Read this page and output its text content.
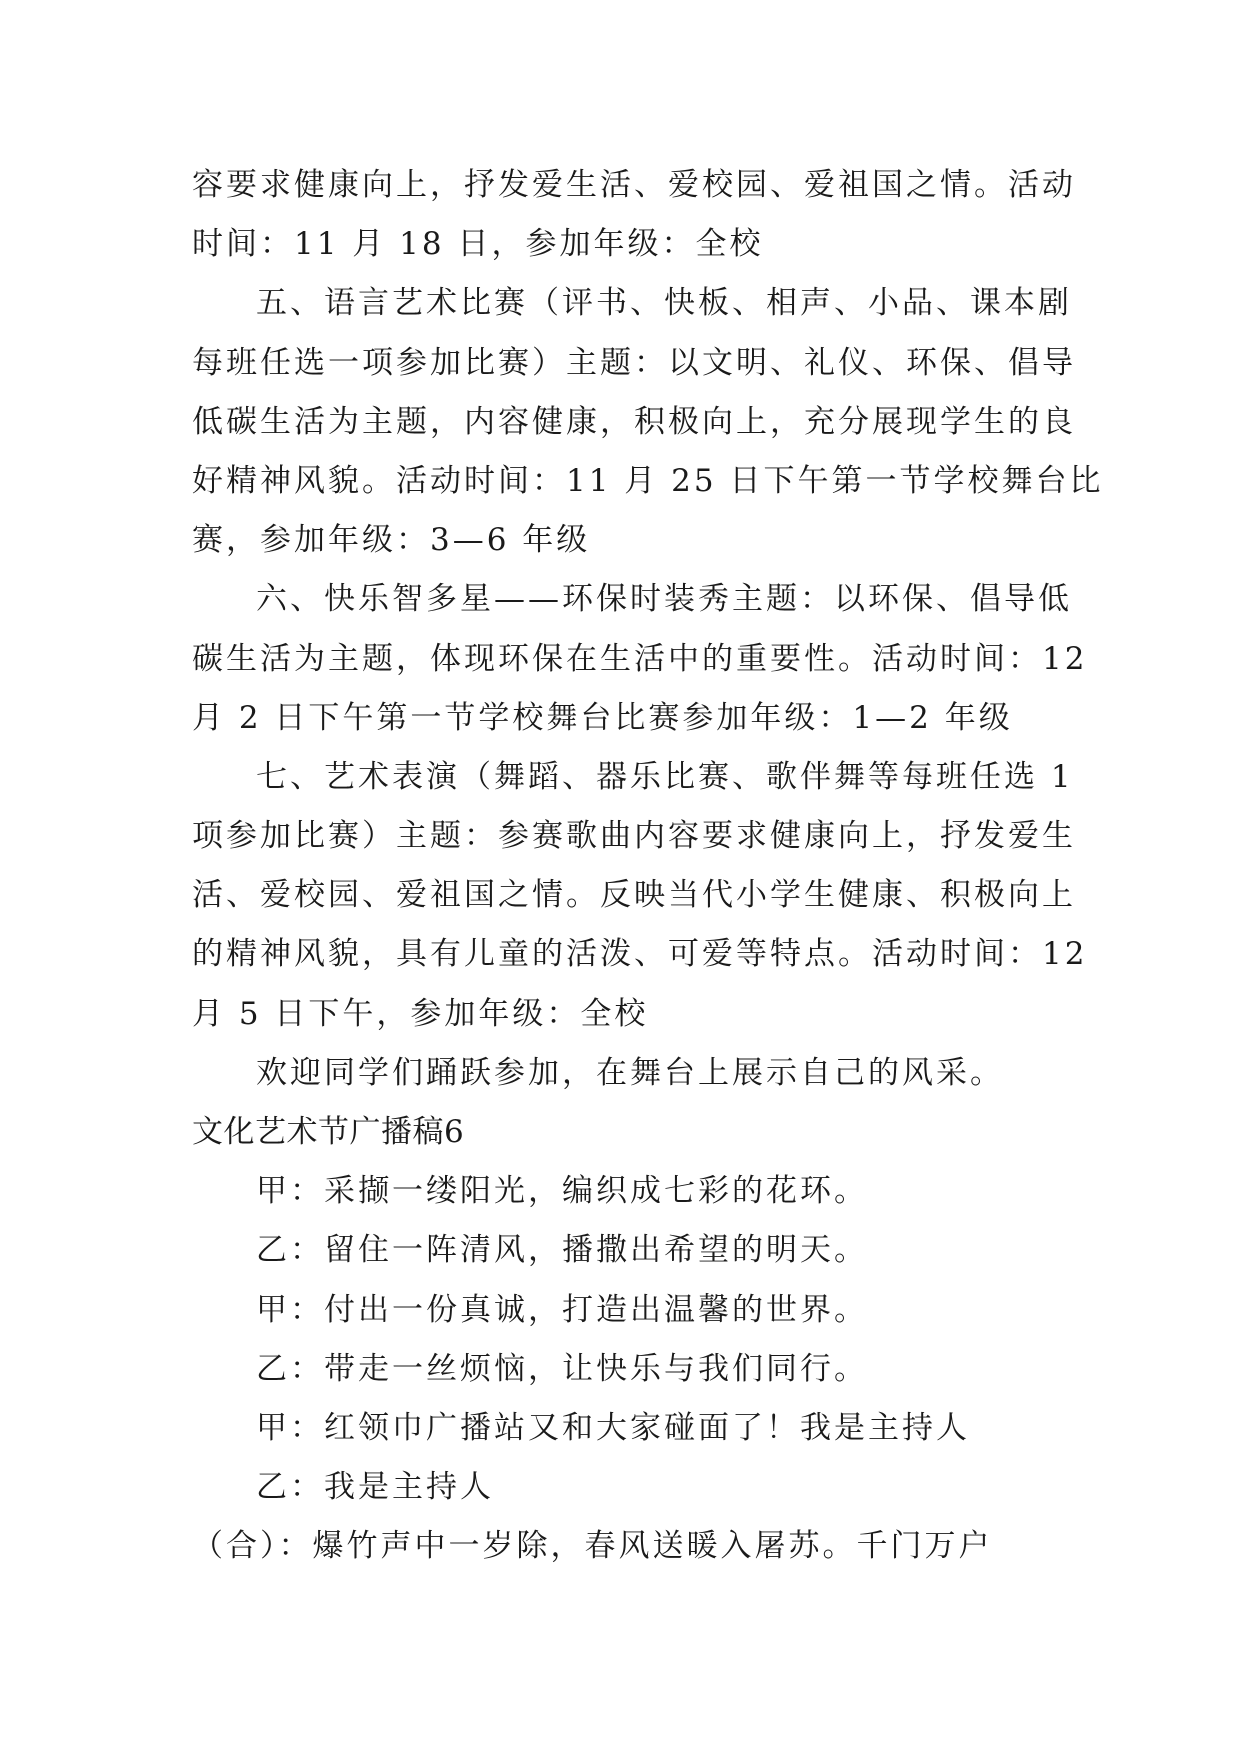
容要求健康向上，抒发爱生活、爱校园、爱祖国之情。活动
时间：11 月 18 日，参加年级：全校
五、语言艺术比赛（评书、快板、相声、小品、课本剧
每班任选一项参加比赛）主题：以文明、礼仪、环保、倡导
低碳生活为主题，内容健康，积极向上，充分展现学生的良
好精神风貌。活动时间：11 月 25 日下午第一节学校舞台比
赛，参加年级：3—6 年级
六、快乐智多星——环保时装秀主题：以环保、倡导低
碳生活为主题，体现环保在生活中的重要性。活动时间：12
月 2 日下午第一节学校舞台比赛参加年级：1—2 年级
七、艺术表演（舞蹈、器乐比赛、歌伴舞等每班任选 1
项参加比赛）主题：参赛歌曲内容要求健康向上，抒发爱生
活、爱校园、爱祖国之情。反映当代小学生健康、积极向上
的精神风貌，具有儿童的活泼、可爱等特点。活动时间：12
月 5 日下午，参加年级：全校
欢迎同学们踊跃参加，在舞台上展示自己的风采。
文化艺术节广播稿6
甲：采撷一缕阳光，编织成七彩的花环。
乙：留住一阵清风，播撒出希望的明天。
甲：付出一份真诚，打造出温馨的世界。
乙：带走一丝烦恼，让快乐与我们同行。
甲：红领巾广播站又和大家碰面了！我是主持人
乙：我是主持人
（合）：爆竹声中一岁除，春风送暖入屠苏。千门万户
